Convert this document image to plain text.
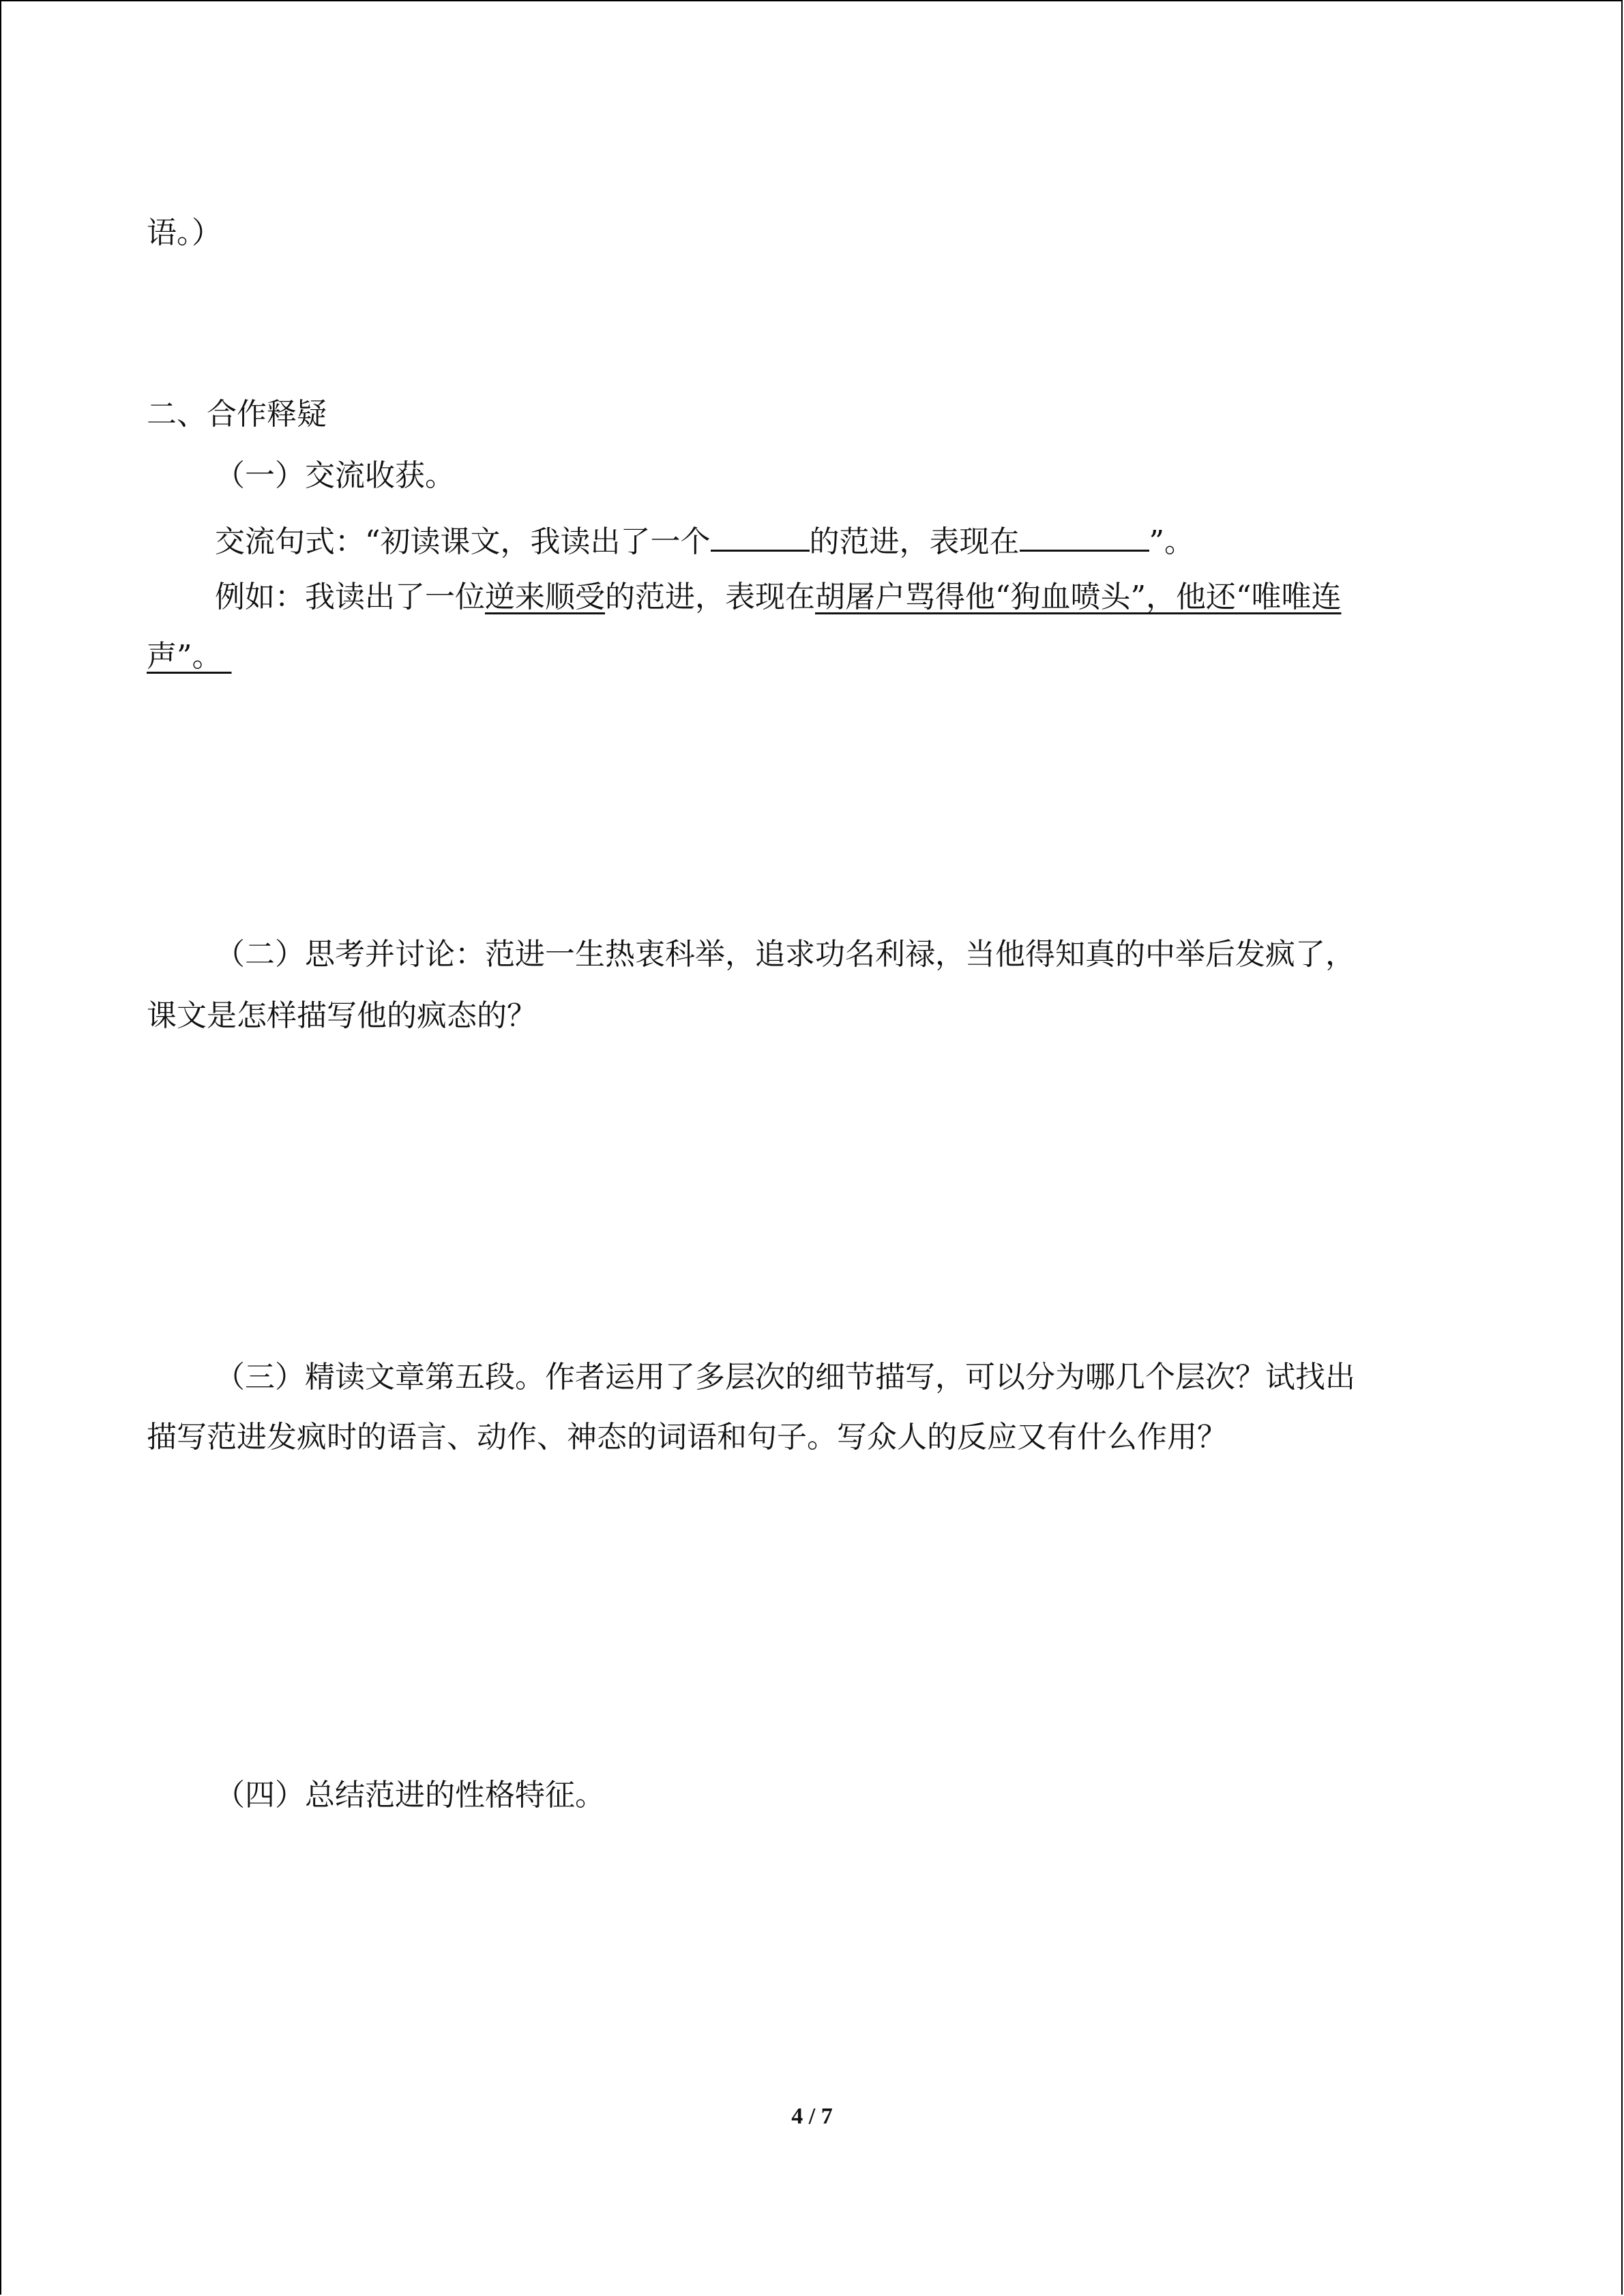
语。）
二、合作释疑
（一）交流收获。
交流句式：“初读课文，我读出了一个	的范进，表现在	”。
例如：我读出了一位逆来顺受的范进，表现在胡屠户骂得他“狗血喷头”，他还“唯唯连
声”。
（二）思考并讨论：范进一生热衷科举，追求功名利禄，当他得知真的中举后发疯了，
课文是怎样描写他的疯态的？
（三）精读文章第五段。作者运用了多层次的细节描写，可以分为哪几个层次？试找出
描写范进发疯时的语言、动作、神态的词语和句子。写众人的反应又有什么作用？
（四）总结范进的性格特征。
4 / 7
